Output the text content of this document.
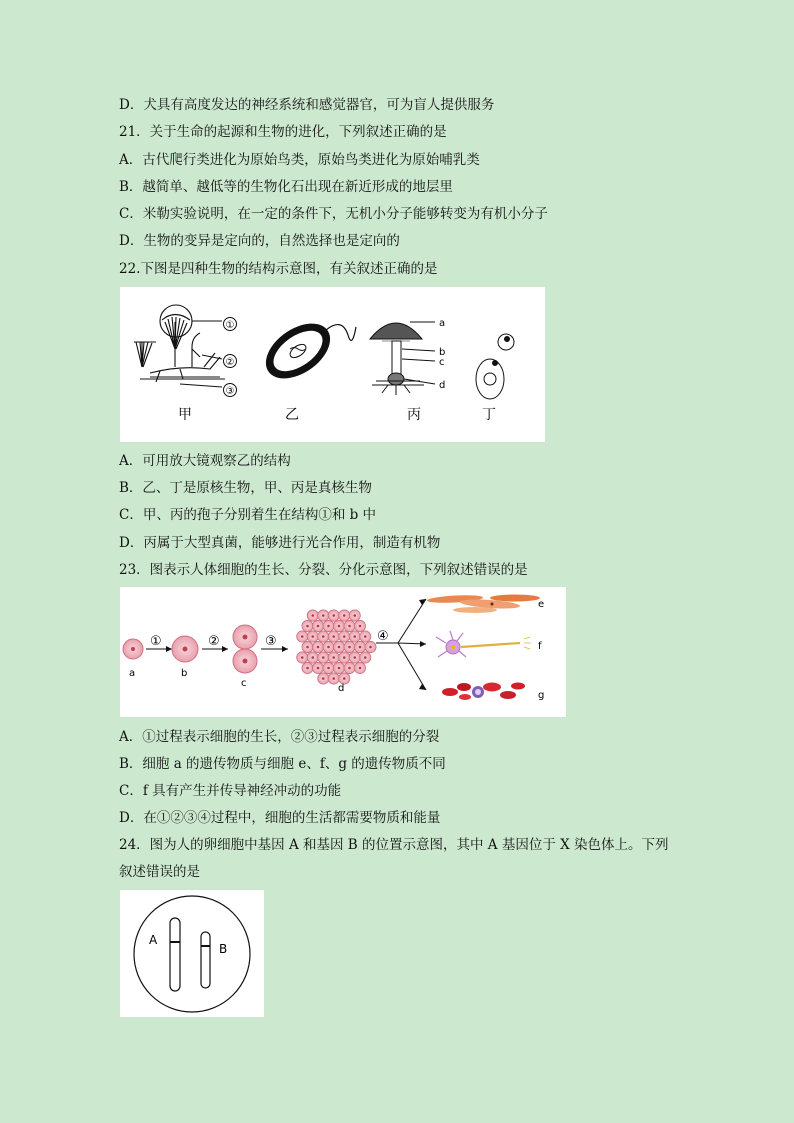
D．犬具有高度发达的神经系统和感觉器官，可为盲人提供服务
21．关于生命的起源和生物的进化，下列叙述正确的是
A．古代爬行类进化为原始鸟类，原始鸟类进化为原始哺乳类
B．越简单、越低等的生物化石出现在新近形成的地层里
C．米勒实验说明，在一定的条件下，无机小分子能够转变为有机小分子
D．生物的变异是定向的，自然选择也是定向的
22.下图是四种生物的结构示意图，有关叙述正确的是
①
②
③
a
b
c
d
甲	乙	丙	丁
A．可用放大镜观察乙的结构
B．乙、丁是原核生物，甲、丙是真核生物
C．甲、丙的孢子分别着生在结构①和 b 中
D．丙属于大型真菌，能够进行光合作用，制造有机物
23．图表示人体细胞的生长、分裂、分化示意图，下列叙述错误的是
a
①
b
②
c
③
d
④
e
f
g
A．①过程表示细胞的生长，②③过程表示细胞的分裂
B．细胞 a 的遗传物质与细胞 e、f、g 的遗传物质不同
C．f 具有产生并传导神经冲动的功能
D．在①②③④过程中，细胞的生活都需要物质和能量
24．图为人的卵细胞中基因 A 和基因 B 的位置示意图，其中 A 基因位于 X 染色体上。下列
叙述错误的是
A
B
